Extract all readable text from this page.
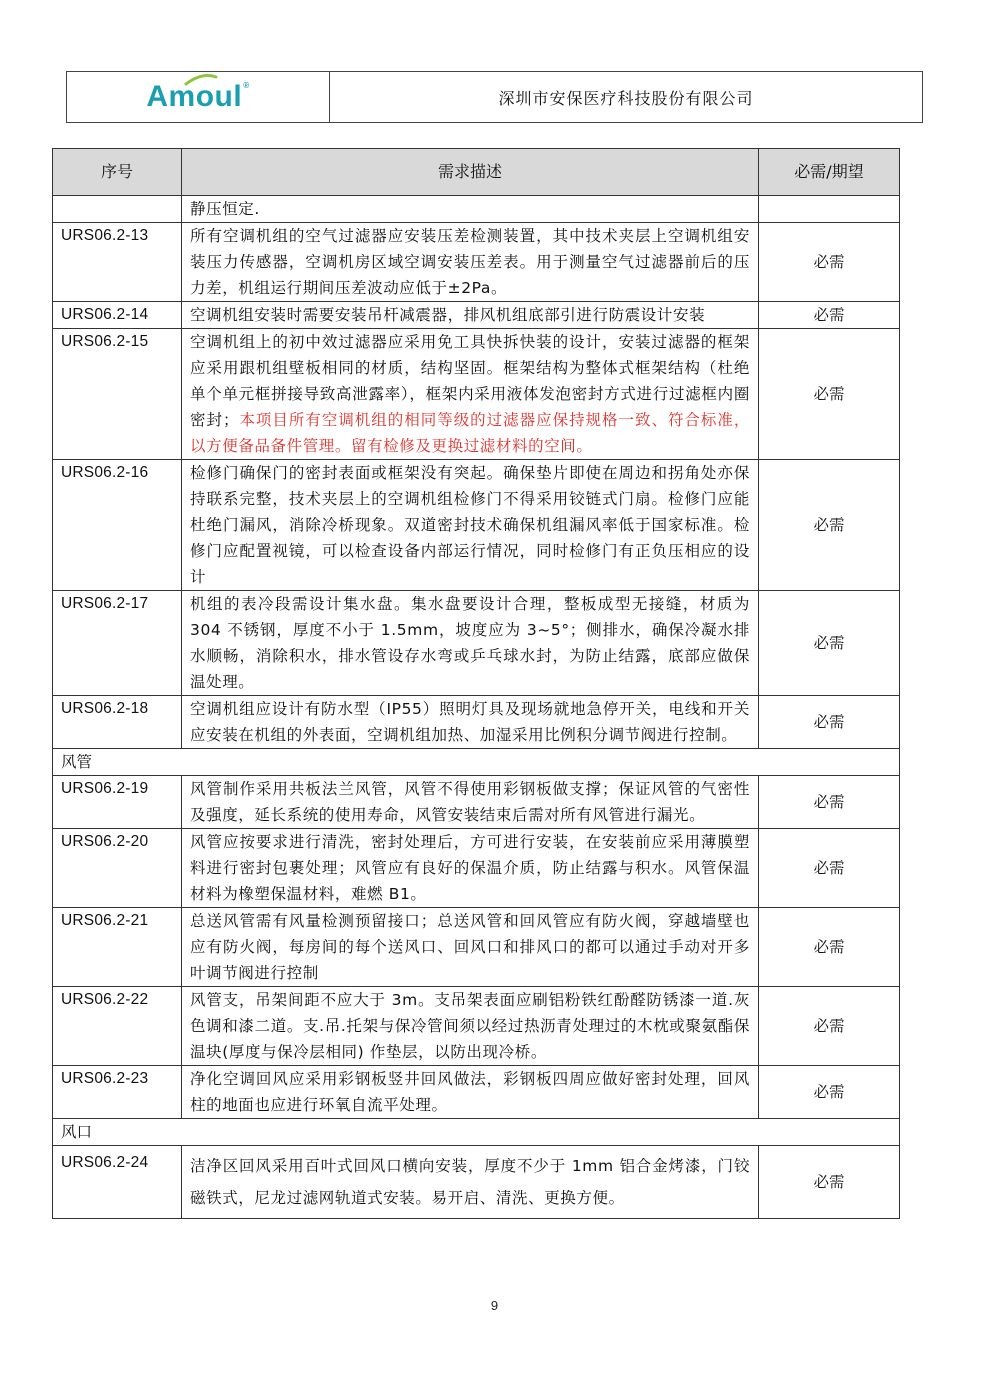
Amoul®
深圳市安保医疗科技股份有限公司
序号	需求描述	必需/期望
	静压恒定.	
URS06.2-13	所有空调机组的空气过滤器应安装压差检测装置，其中技术夹层上空调机组安装压力传感器，空调机房区域空调安装压差表。用于测量空气过滤器前后的压力差，机组运行期间压差波动应低于±2Pa。	必需
URS06.2-14	空调机组安装时需要安装吊杆减震器，排风机组底部引进行防震设计安装	必需
URS06.2-15	空调机组上的初中效过滤器应采用免工具快拆快装的设计，安装过滤器的框架应采用跟机组壁板相同的材质，结构坚固。框架结构为整体式框架结构（杜绝单个单元框拼接导致高泄露率），框架内采用液体发泡密封方式进行过滤框内圈密封；本项目所有空调机组的相同等级的过滤器应保持规格一致、符合标准，以方便备品备件管理。留有检修及更换过滤材料的空间。	必需
URS06.2-16	检修门确保门的密封表面或框架没有突起。确保垫片即使在周边和拐角处亦保持联系完整，技术夹层上的空调机组检修门不得采用铰链式门扇。检修门应能杜绝门漏风，消除冷桥现象。双道密封技术确保机组漏风率低于国家标准。检修门应配置视镜，可以检查设备内部运行情况，同时检修门有正负压相应的设计	必需
URS06.2-17	机组的表冷段需设计集水盘。集水盘要设计合理，整板成型无接缝，材质为 304 不锈钢，厚度不小于 1.5mm，坡度应为 3~5°；侧排水，确保冷凝水排水顺畅，消除积水，排水管设存水弯或乒乓球水封，为防止结露，底部应做保温处理。	必需
URS06.2-18	空调机组应设计有防水型（IP55）照明灯具及现场就地急停开关，电线和开关应安装在机组的外表面，空调机组加热、加湿采用比例积分调节阀进行控制。	必需
风管		
URS06.2-19	风管制作采用共板法兰风管，风管不得使用彩钢板做支撑；保证风管的气密性及强度，延长系统的使用寿命，风管安装结束后需对所有风管进行漏光。	必需
URS06.2-20	风管应按要求进行清洗，密封处理后，方可进行安装，在安装前应采用薄膜塑料进行密封包裹处理；风管应有良好的保温介质，防止结露与积水。风管保温材料为橡塑保温材料，难燃 B1。	必需
URS06.2-21	总送风管需有风量检测预留接口；总送风管和回风管应有防火阀，穿越墙壁也应有防火阀，每房间的每个送风口、回风口和排风口的都可以通过手动对开多叶调节阀进行控制	必需
URS06.2-22	风管支，吊架间距不应大于 3m。支吊架表面应刷铝粉铁红酚醛防锈漆一道.灰色调和漆二道。支.吊.托架与保冷管间须以经过热沥青处理过的木枕或聚氨酯保温块(厚度与保冷层相同) 作垫层，以防出现冷桥。	必需
URS06.2-23	净化空调回风应采用彩钢板竖井回风做法，彩钢板四周应做好密封处理，回风柱的地面也应进行环氧自流平处理。	必需
风口		
URS06.2-24	洁净区回风采用百叶式回风口横向安装，厚度不少于 1mm 铝合金烤漆，门铰磁铁式，尼龙过滤网轨道式安装。易开启、清洗、更换方便。	必需
9
